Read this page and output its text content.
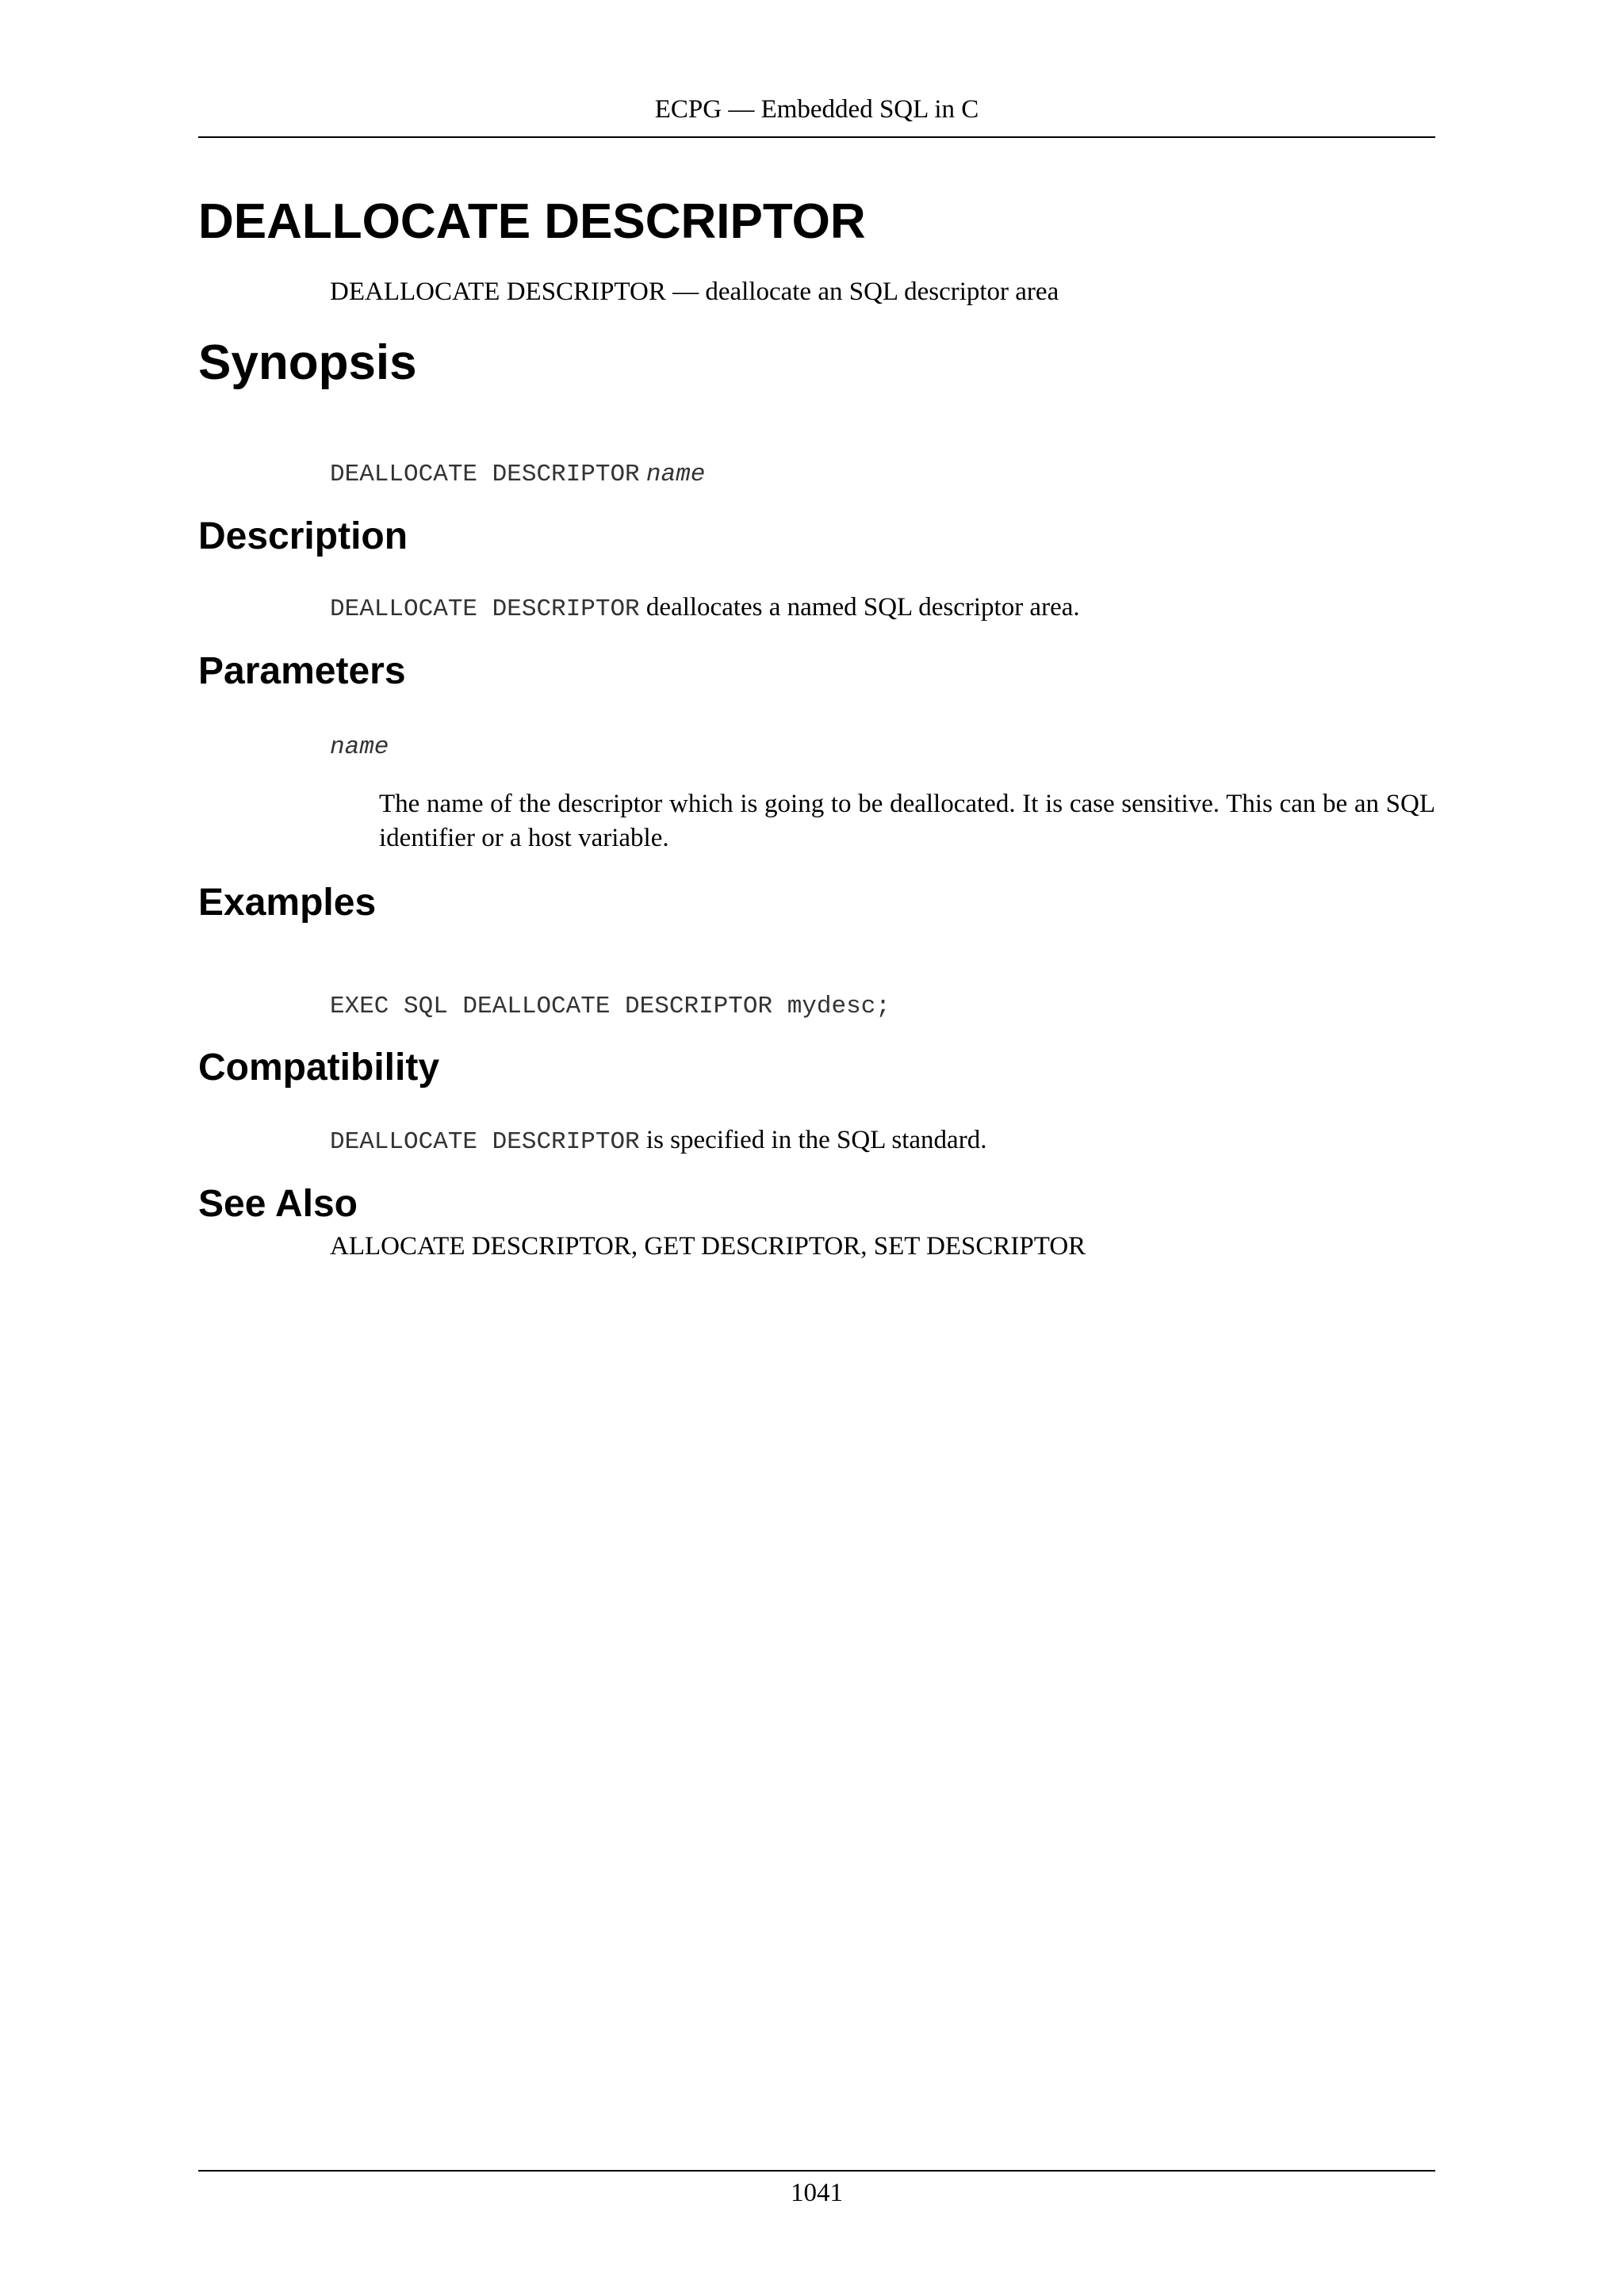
ECPG — Embedded SQL in C
DEALLOCATE DESCRIPTOR
DEALLOCATE DESCRIPTOR — deallocate an SQL descriptor area
Synopsis
DEALLOCATE DESCRIPTOR name
Description
DEALLOCATE DESCRIPTOR deallocates a named SQL descriptor area.
Parameters
name
The name of the descriptor which is going to be deallocated. It is case sensitive. This can be an SQL identifier or a host variable.
Examples
EXEC SQL DEALLOCATE DESCRIPTOR mydesc;
Compatibility
DEALLOCATE DESCRIPTOR is specified in the SQL standard.
See Also
ALLOCATE DESCRIPTOR, GET DESCRIPTOR, SET DESCRIPTOR
1041
